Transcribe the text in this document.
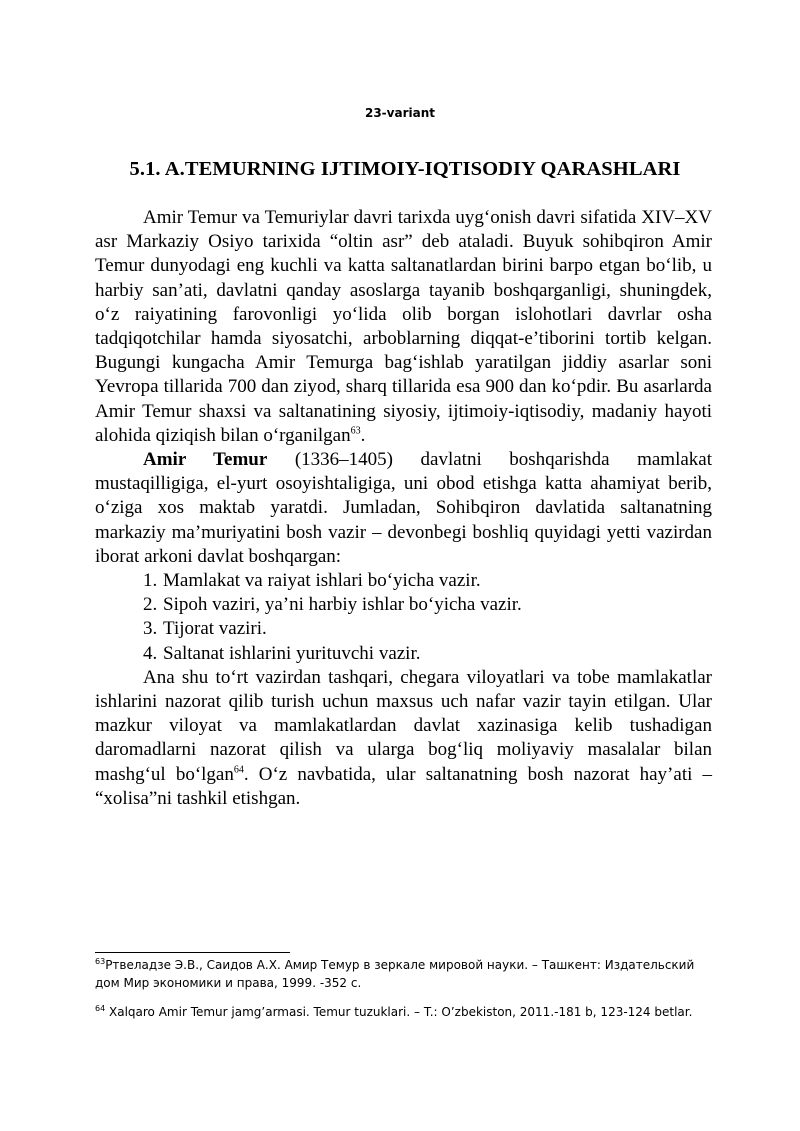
23-variant
5.1. A.TEMURNING IJTIMOIY-IQTISODIY QARASHLARI

Amir Temur va Temuriylar davri tarixda uyg‘onish davri sifatida XIV–XV asr Markaziy Osiyo tarixida “oltin asr” deb ataladi. Buyuk sohibqiron Amir Temur dunyodagi eng kuchli va katta saltanatlardan birini barpo etgan bo‘lib, u harbiy san’ati, davlatni qanday asoslarga tayanib boshqarganligi, shuningdek, o‘z raiyatining farovonligi yo‘lida olib borgan islohotlari davrlar osha tadqiqotchilar hamda siyosatchi, arboblarning diqqat-e’tiborini tortib kelgan. Bugungi kungacha Amir Temurga bag‘ishlab yaratilgan jiddiy asarlar soni Yevropa tillarida 700 dan ziyod, sharq tillarida esa 900 dan ko‘pdir. Bu asarlarda Amir Temur shaxsi va saltanatining siyosiy, ijtimoiy-iqtisodiy, madaniy hayoti alohida qiziqish bilan o‘rganilgan$^{63}$.

Amir Temur (1336–1405) davlatni boshqarishda mamlakat mustaqilligiga, el-yurt osoyishtaligiga, uni obod etishga katta ahamiyat berib, o‘ziga xos maktab yaratdi. Jumladan, Sohibqiron davlatida saltanatning markaziy ma’muriyatini bosh vazir – devonbegi boshliq quyidagi yetti vazirdan iborat arkoni davlat boshqargan:

1. Mamlakat va raiyat ishlari bo‘yicha vazir.
2. Sipoh vaziri, ya’ni harbiy ishlar bo‘yicha vazir.
3. Tijorat vaziri.
4. Saltanat ishlarini yurituvchi vazir.

Ana shu to‘rt vazirdan tashqari, chegara viloyatlari va tobe mamlakatlar ishlarini nazorat qilib turish uchun maxsus uch nafar vazir tayin etilgan. Ular mazkur viloyat va mamlakatlardan davlat xazinasiga kelib tushadigan daromadlarni nazorat qilish va ularga bog‘liq moliyaviy masalalar bilan mashg‘ul bo‘lgan$^{64}$. O‘z navbatida, ular saltanatning bosh nazorat hay’ati – “xolisa”ni tashkil etishgan.

$^{63}$Ртвеладзе Э.В., Саидов А.Х. Амир Темур в зеркале мировой науки. – Ташкент: Издательский дом Мир экономики и права, 1999. -352 с.

$^{64}$ Xalqaro Amir Temur jamg’armasi. Temur tuzuklari. – T.: O’zbekiston, 2011.-181 b, 123-124 betlar.
